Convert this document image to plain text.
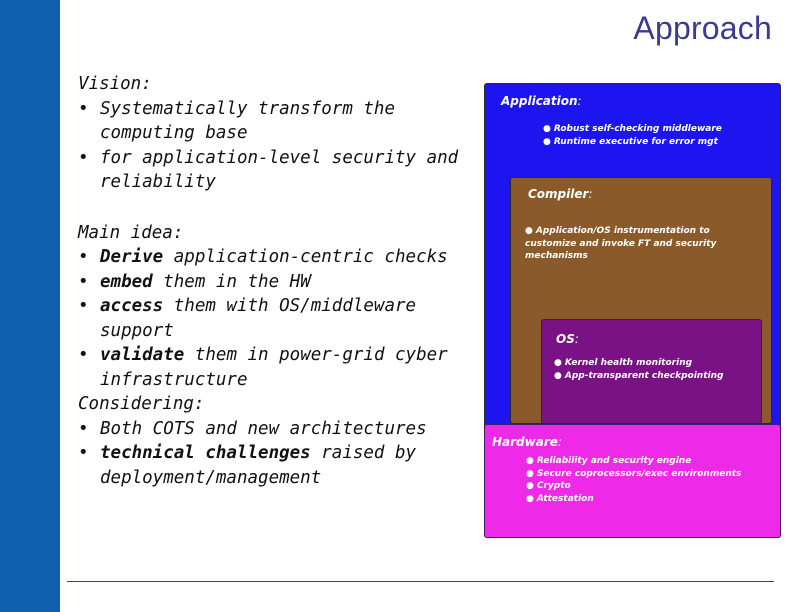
Approach

Vision:

• Systematically transform the computing base
• for application-level security and reliability

Main idea:

• Derive application-centric checks
• embed them in the HW
• access them with OS/middleware support
• validate them in power-grid cyber infrastructure

Considering:

• Both COTS and new architectures
• technical challenges raised by deployment/management
Application:
● Robust self-checking middleware
● Runtime executive for error mgt
Hardware:
● Reliability and security engine
● Secure coprocessors/exec environments
● Crypto
● Attestation
Compiler:
● Application/OS instrumentation to customize and invoke FT and security mechanisms
OS:
● Kernel health monitoring
● App-transparent checkpointing
